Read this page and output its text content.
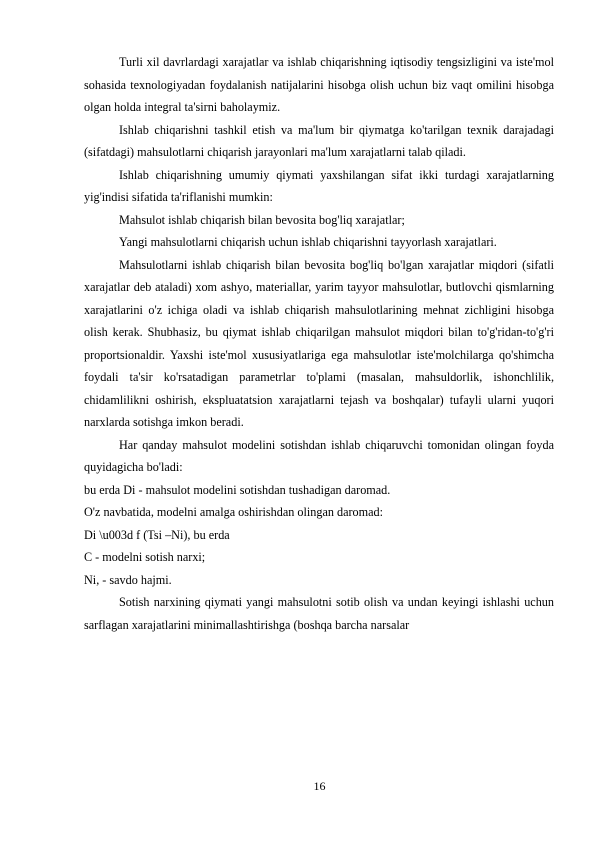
Turli xil davrlardagi xarajatlar va ishlab chiqarishning iqtisodiy tengsizligini va iste'mol sohasida texnologiyadan foydalanish natijalarini hisobga olish uchun biz vaqt omilini hisobga olgan holda integral ta'sirni baholaymiz.

Ishlab chiqarishni tashkil etish va ma'lum bir qiymatga ko'tarilgan texnik darajadagi (sifatdagi) mahsulotlarni chiqarish jarayonlari ma'lum xarajatlarni talab qiladi.

Ishlab chiqarishning umumiy qiymati yaxshilangan sifat ikki turdagi xarajatlarning yig'indisi sifatida ta'riflanishi mumkin:

Mahsulot ishlab chiqarish bilan bevosita bog'liq xarajatlar;

Yangi mahsulotlarni chiqarish uchun ishlab chiqarishni tayyorlash xarajatlari.

Mahsulotlarni ishlab chiqarish bilan bevosita bog'liq bo'lgan xarajatlar miqdori (sifatli xarajatlar deb ataladi) xom ashyo, materiallar, yarim tayyor mahsulotlar, butlovchi qismlarning xarajatlarini o'z ichiga oladi va ishlab chiqarish mahsulotlarining mehnat zichligini hisobga olish kerak. Shubhasiz, bu qiymat ishlab chiqarilgan mahsulot miqdori bilan to'g'ridan-to'g'ri proportsionaldir. Yaxshi iste'mol xususiyatlariga ega mahsulotlar iste'molchilarga qo'shimcha foydali ta'sir ko'rsatadigan parametrlar to'plami (masalan, mahsuldorlik, ishonchlilik, chidamlilikni oshirish, ekspluatatsion xarajatlarni tejash va boshqalar) tufayli ularni yuqori narxlarda sotishga imkon beradi.

Har qanday mahsulot modelini sotishdan ishlab chiqaruvchi tomonidan olingan foyda quyidagicha bo'ladi:

bu erda Di - mahsulot modelini sotishdan tushadigan daromad.

O'z navbatida, modelni amalga oshirishdan olingan daromad:

Di \u003d f (Tsi –Ni), bu erda

C - modelni sotish narxi;

Ni, - savdo hajmi.

Sotish narxining qiymati yangi mahsulotni sotib olish va undan keyingi ishlashi uchun sarflagan xarajatlarini minimallashtirishga (boshqa barcha narsalar

16
